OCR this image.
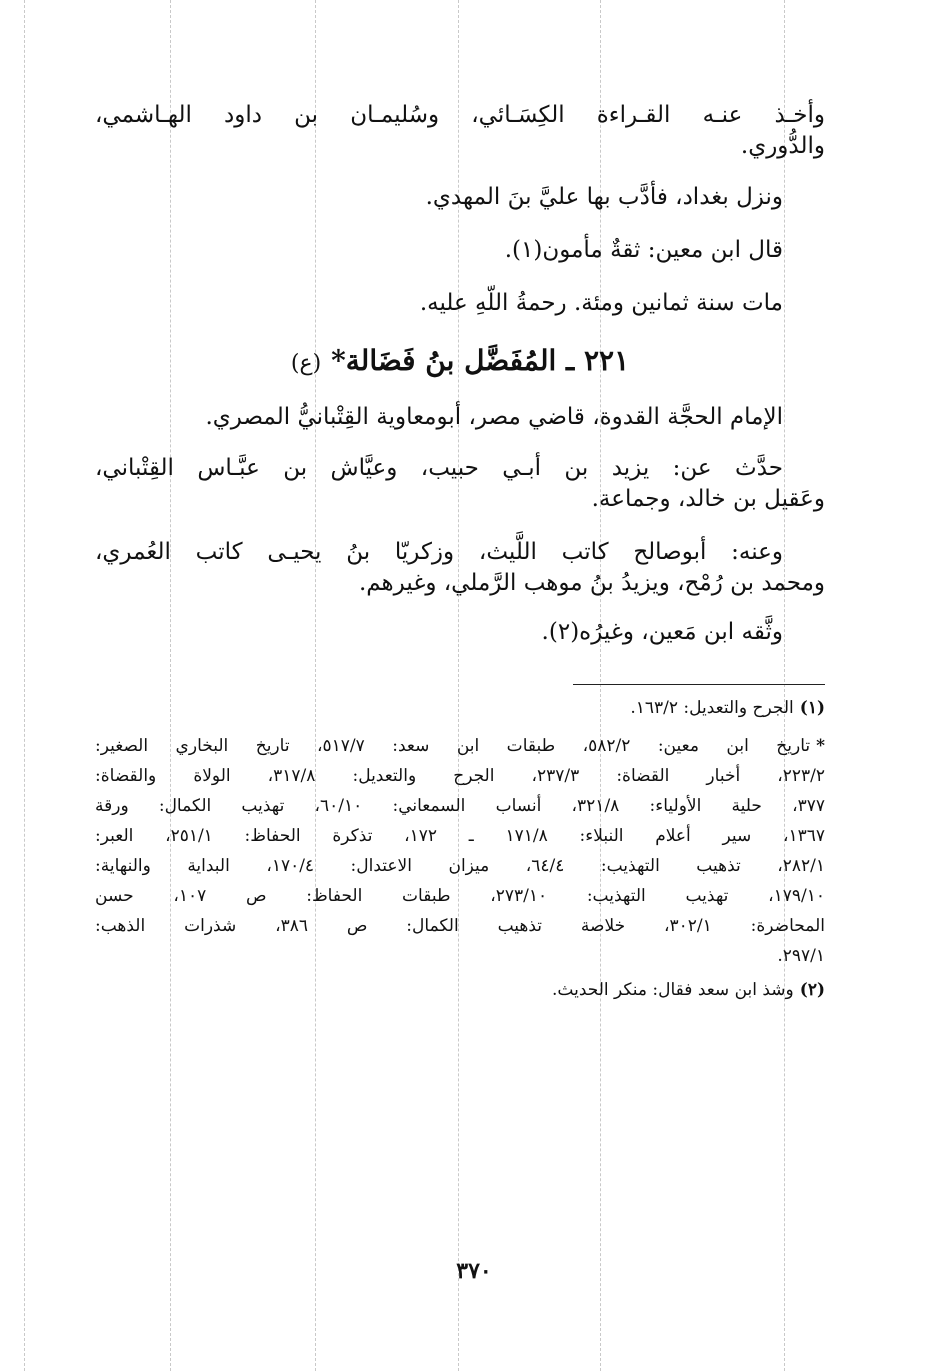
وأخـذ عنـه القـراءة الكِسَـائي، وسُليمـان بن داود الهـاشمي،

والدُّوري.

ونزل بغداد، فأدَّب بها عليَّ بنَ المهدي.

قال ابن معين: ثقةٌ مأمون(١).

مات سنة ثمانين ومئة. رحمةُ اللّهِ عليه.

٢٢١ ـ المُفَضَّل بنُ فَضَالة*(ع)

الإمام الحجَّة القدوة، قاضي مصر، أبومعاوية القِتْبانيُّ المصري.

حدَّث عن: يزيد بن أبـي حبيب، وعيَّاش بن عبَّـاس القِتْباني،

وعَقيل بن خالد، وجماعة.

وعنه: أبوصالح كاتب اللَّيث، وزكريّا بنُ يحيـى كاتب العُمري،

ومحمد بن رُمْح، ويزيدُ بنُ موهب الرَّملي، وغيرهم.

وثَّقه ابن مَعين، وغيرُه(٢).

(١)الجرح والتعديل: ١٦٣/٢.

*تاريخ ابن معين: ٥٨٢/٢، طبقات ابن سعد: ٥١٧/٧، تاريخ البخاري الصغير:

٢٢٣/٢، أخبار القضاة: ٢٣٧/٣، الجرح والتعديل: ٣١٧/٨، الولاة والقضاة:

٣٧٧، حلية الأولياء: ٣٢١/٨، أنساب السمعاني: ٦٠/١٠، تهذيب الكمال: ورقة

١٣٦٧، سير أعلام النبلاء: ١٧١/٨ ـ ١٧٢، تذكرة الحفاظ: ٢٥١/١، العبر:

٢٨٢/١، تذهيب التهذيب: ٦٤/٤، ميزان الاعتدال: ١٧٠/٤، البداية والنهاية:

١٧٩/١٠، تهذيب التهذيب: ٢٧٣/١٠، طبقات الحفاظ: ص ١٠٧، حسن

المحاضرة: ٣٠٢/١، خلاصة تذهيب الكمال: ص ٣٨٦، شذرات الذهب:

٢٩٧/١.

(٢)وشذ ابن سعد فقال: منكر الحديث.

٣٧٠
